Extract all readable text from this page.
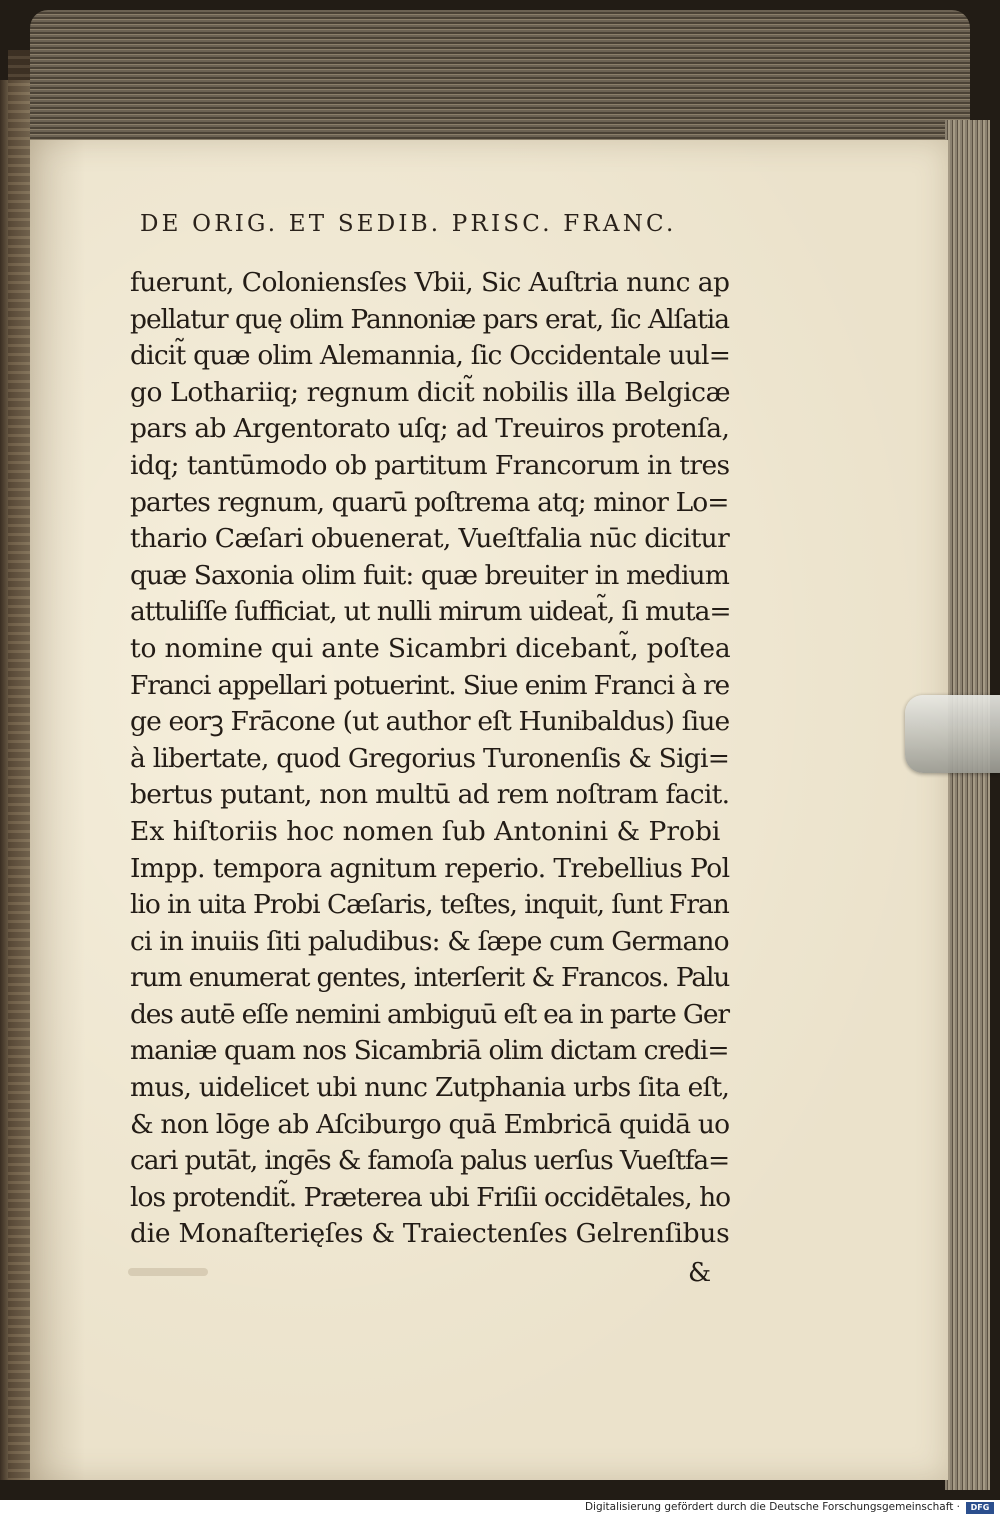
DE ORIG. ET SEDIB. PRISC. FRANC.
fuerunt, Coloniensſes Vbii, Sic Auſtria nunc ap
pellatur quę olim Pannoniæ pars erat, ſic Alſatia
dicit̃ quæ olim Alemannia, ſic Occidentale uul=
go Lothariiq; regnum dicit̃ nobilis illa Belgicæ
pars ab Argentorato uſq; ad Treuiros protenſa,
idq; tantūmodo ob partitum Francorum in tres
partes regnum, quarū poſtrema atq; minor Lo=
thario Cæſari obuenerat, Vueſtfalia nūc dicitur
quæ Saxonia olim fuit: quæ breuiter in medium
attuliſſe ſufficiat, ut nulli mirum uideat̃, ſi muta=
to nomine qui ante Sicambri dicebant̃, poſtea
Franci appellari potuerint. Siue enim Franci à re
ge eorꝫ Frācone (ut author eſt Hunibaldus) ſiue
à libertate, quod Gregorius Turonenſis & Sigi=
bertus putant, non multū ad rem noſtram facit.
Ex hiſtoriis hoc nomen ſub Antonini & Probi
Impp. tempora agnitum reperio. Trebellius Pol
lio in uita Probi Cæſaris, teſtes, inquit, ſunt Fran
ci in inuiis ſiti paludibus: & ſæpe cum Germano
rum enumerat gentes, interſerit & Francos. Palu
des autē eſſe nemini ambiguū eſt ea in parte Ger
maniæ quam nos Sicambriā olim dictam credi=
mus, uidelicet ubi nunc Zutphania urbs ſita eſt,
& non lōge ab Aſciburgo quā Embricā quidā uo
cari putāt, ingēs & famoſa palus uerſus Vueſtfa=
los protendit̃. Præterea ubi Friſii occidētales, ho
die Monaſterięſes & Traiectenſes Gelrenſibus
&
Digitalisierung gefördert durch die Deutsche Forschungsgemeinschaft ·	DFG
